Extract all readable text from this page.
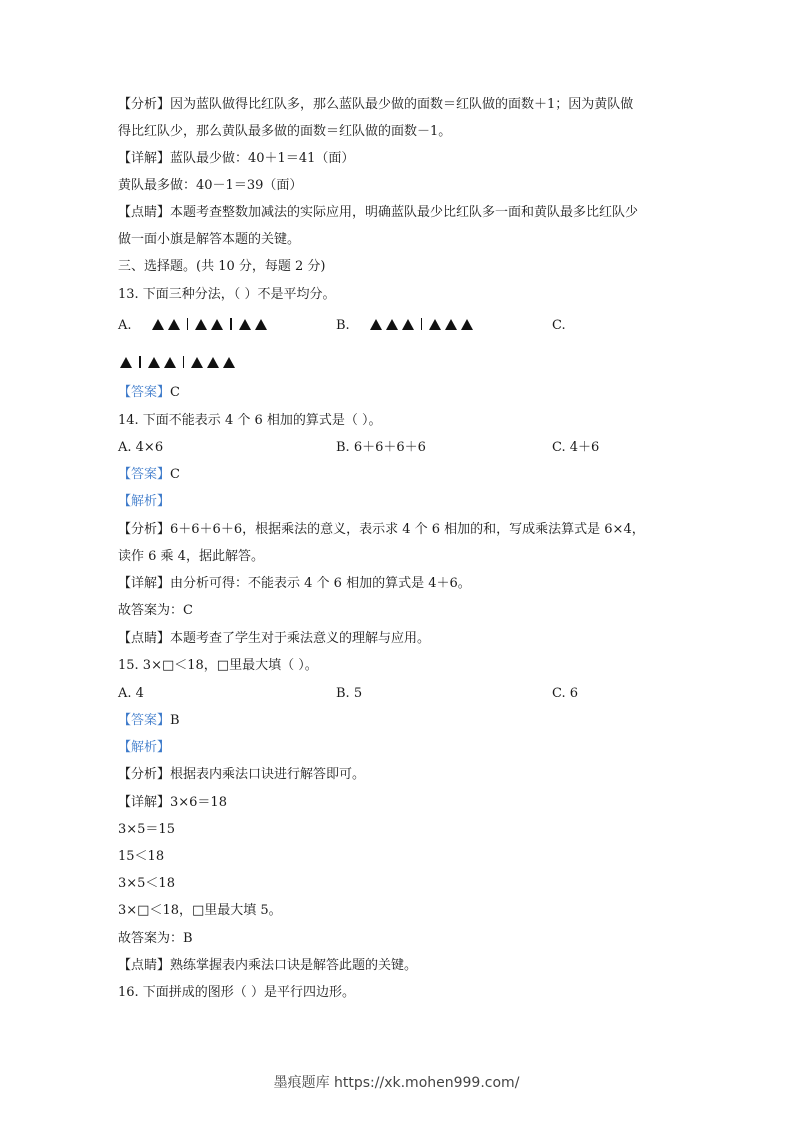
【分析】因为蓝队做得比红队多，那么蓝队最少做的面数＝红队做的面数＋1；因为黄队做
得比红队少，那么黄队最多做的面数＝红队做的面数－1。
【详解】蓝队最少做：40＋1＝41（面）
黄队最多做：40－1＝39（面）
【点睛】本题考查整数加减法的实际应用，明确蓝队最少比红队多一面和黄队最多比红队少
做一面小旗是解答本题的关键。
三、选择题。(共 10 分，每题 2 分)
13. 下面三种分法，（ ）不是平均分。
A.	B.	C.
【答案】C
14. 下面不能表示 4 个 6 相加的算式是（ ）。
A. 4×6	B. 6＋6＋6＋6	C. 4＋6
【答案】C
【解析】
【分析】6＋6＋6＋6，根据乘法的意义，表示求 4 个 6 相加的和，写成乘法算式是 6×4，
读作 6 乘 4，据此解答。
【详解】由分析可得：不能表示 4 个 6 相加的算式是 4＋6。
故答案为：C
【点睛】本题考查了学生对于乘法意义的理解与应用。
15. 3×□＜18，□里最大填（ ）。
A. 4	B. 5	C. 6
【答案】B
【解析】
【分析】根据表内乘法口诀进行解答即可。
【详解】3×6＝18
3×5＝15
15＜18
3×5＜18
3×□＜18，□里最大填 5。
故答案为：B
【点睛】熟练掌握表内乘法口诀是解答此题的关键。
16. 下面拼成的图形（ ）是平行四边形。
墨痕题库 https://xk.mohen999.com/
